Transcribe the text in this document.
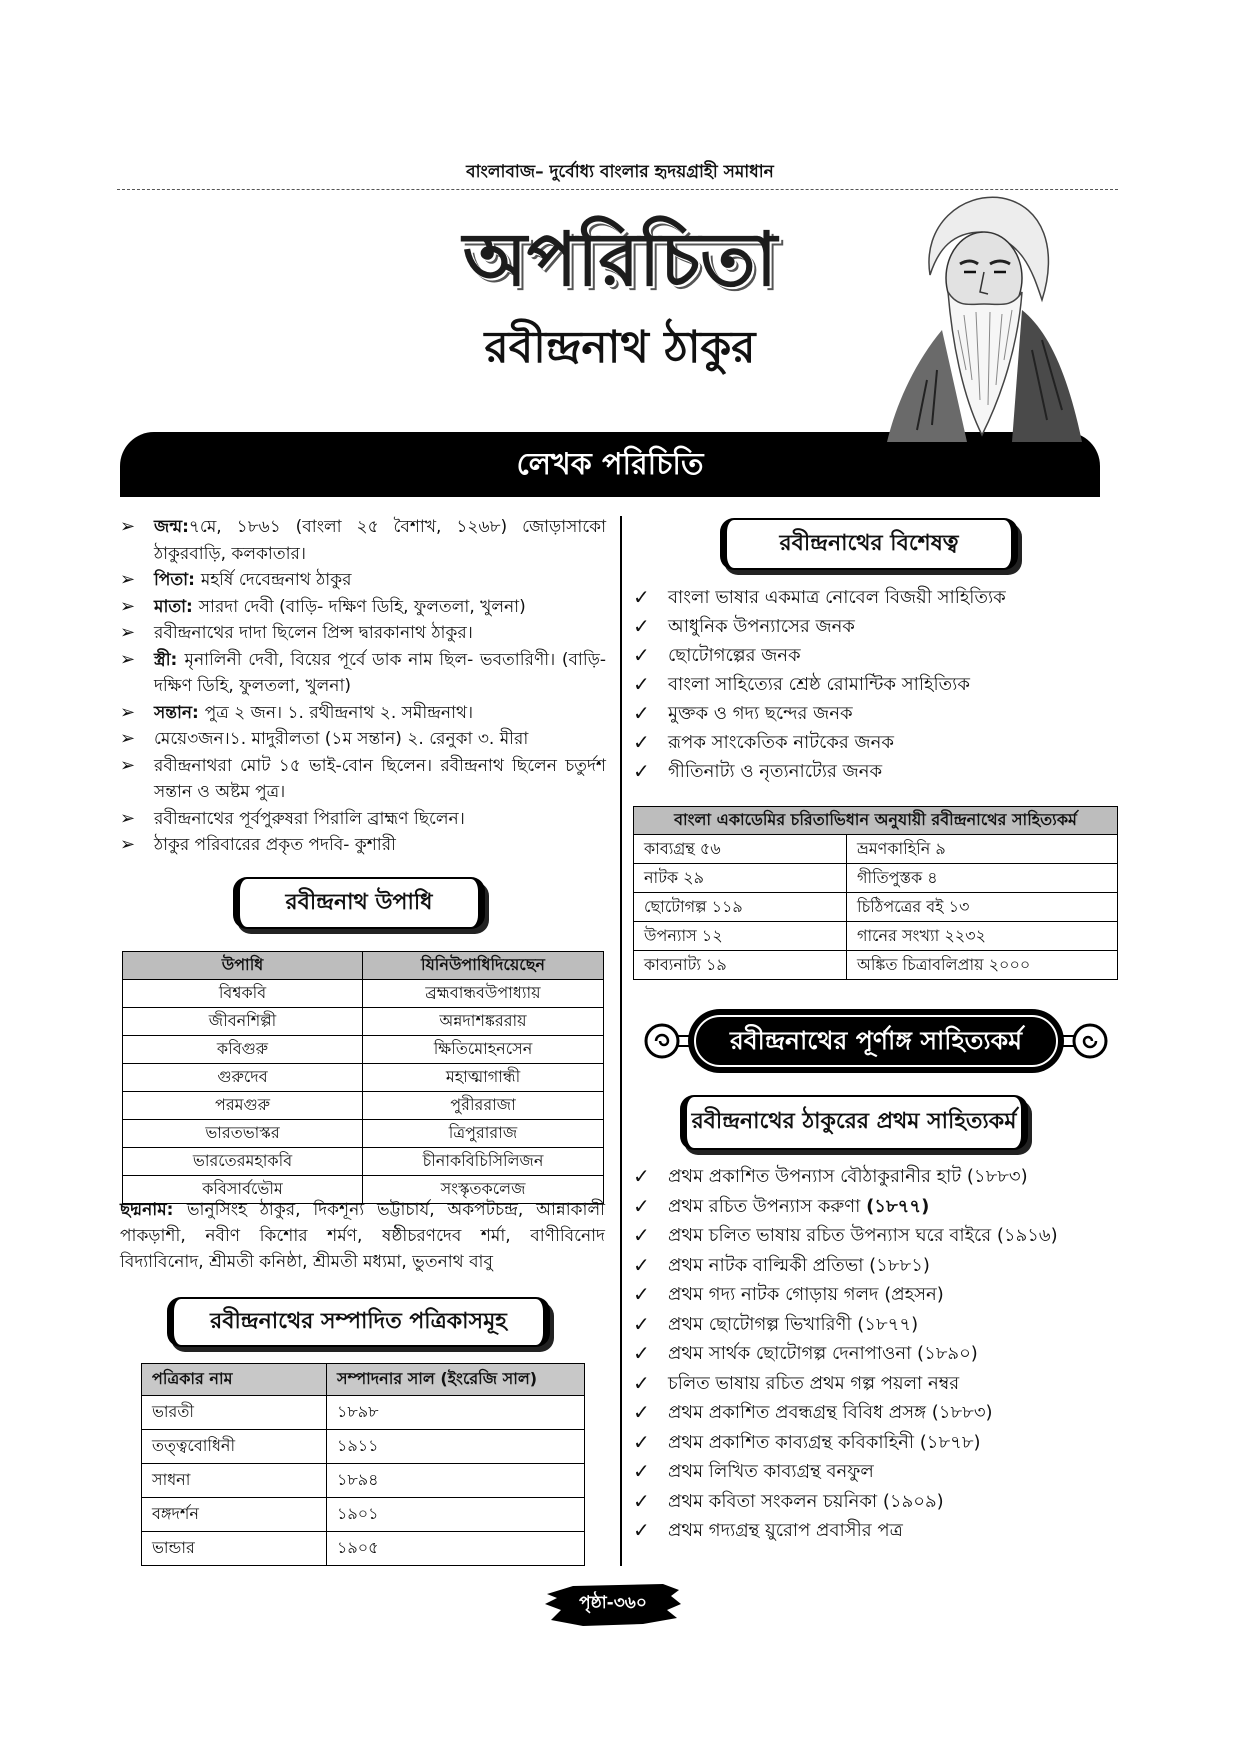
বাংলাবাজ– দুর্বোধ্য বাংলার হৃদয়গ্রাহী সমাধান
অপরিচিতা
রবীন্দ্রনাথ ঠাকুর
লেখক পরিচিতি
➢
জন্ম:৭মে, ১৮৬১ (বাংলা ২৫ বৈশাখ, ১২৬৮) জোড়াসাকো ঠাকুরবাড়ি, কলকাতার।
➢
পিতা: মহর্ষি দেবেন্দ্রনাথ ঠাকুর
➢
মাতা: সারদা দেবী (বাড়ি- দক্ষিণ ডিহি, ফুলতলা, খুলনা)
➢
রবীন্দ্রনাথের দাদা ছিলেন প্রিন্স দ্বারকানাথ ঠাকুর।
➢
স্ত্রী: মৃনালিনী দেবী, বিয়ের পূর্বে ডাক নাম ছিল- ভবতারিণী। (বাড়ি- দক্ষিণ ডিহি, ফুলতলা, খুলনা)
➢
সন্তান: পুত্র ২ জন। ১. রথীন্দ্রনাথ ২. সমীন্দ্রনাথ।
➢
মেয়ে৩জন।১. মাদুরীলতা (১ম সন্তান) ২. রেনুকা ৩. মীরা
➢
রবীন্দ্রনাথরা মোট ১৫ ভাই-বোন ছিলেন। রবীন্দ্রনাথ ছিলেন চতুর্দশ সন্তান ও অষ্টম পুত্র।
➢
রবীন্দ্রনাথের পূর্বপুরুষরা পিরালি ব্রাহ্মণ ছিলেন।
➢
ঠাকুর পরিবারের প্রকৃত পদবি- কুশারী
রবীন্দ্রনাথ উপাধি
উপাধি	যিনিউপাধিদিয়েছেন
বিশ্বকবি	ব্রহ্মবান্ধবউপাধ্যায়
জীবনশিল্পী	অন্নদাশঙ্কররায়
কবিগুরু	ক্ষিতিমোহনসেন
গুরুদেব	মহাত্মাগান্ধী
পরমগুরু	পুরীররাজা
ভারতভাস্কর	ত্রিপুরারাজ
ভারতেরমহাকবি	চীনাকবিচিসিলিজন
কবিসার্বভৌম	সংস্কৃতকলেজ

ছদ্মনাম: ভানুসিংহ ঠাকুর, দিকশূন্য ভট্টাচার্য, অকপটচন্দ্র, আন্নাকালী পাকড়াশী, নবীণ কিশোর শর্মণ, ষষ্ঠীচরণদেব শর্মা, বাণীবিনোদ বিদ্যাবিনোদ, শ্রীমতী কনিষ্ঠা, শ্রীমতী মধ্যমা, ভুতনাথ বাবু

রবীন্দ্রনাথের সম্পাদিত পত্রিকাসমূহ
পত্রিকার নাম	সম্পাদনার সাল (ইংরেজি সাল)
ভারতী	১৮৯৮
তত্ত্ববোধিনী	১৯১১
সাধনা	১৮৯৪
বঙ্গদর্শন	১৯০১
ভান্ডার	১৯০৫
রবীন্দ্রনাথের বিশেষত্ব
✓
বাংলা ভাষার একমাত্র নোবেল বিজয়ী সাহিত্যিক
✓
আধুনিক উপন্যাসের জনক
✓
ছোটোগল্পের জনক
✓
বাংলা সাহিত্যের শ্রেষ্ঠ রোমান্টিক সাহিত্যিক
✓
মুক্তক ও গদ্য ছন্দের জনক
✓
রূপক সাংকেতিক নাটকের জনক
✓
গীতিনাট্য ও নৃত্যনাট্যের জনক
বাংলা একাডেমির চরিতাভিধান অনুযায়ী রবীন্দ্রনাথের সাহিত্যকর্ম	
কাব্যগ্রন্থ ৫৬	ভ্রমণকাহিনি ৯
নাটক ২৯	গীতিপুস্তক ৪
ছোটোগল্প ১১৯	চিঠিপত্রের বই ১৩
উপন্যাস ১২	গানের সংখ্যা ২২৩২
কাব্যনাট্য ১৯	অঙ্কিত চিত্রাবলিপ্রায় ২০০০
রবীন্দ্রনাথের পূর্ণাঙ্গ সাহিত্যকর্ম
রবীন্দ্রনাথের ঠাকুরের প্রথম সাহিত্যকর্ম
✓
প্রথম প্রকাশিত উপন্যাস বৌঠাকুরানীর হাট (১৮৮৩)
✓
প্রথম রচিত উপন্যাস করুণা (১৮৭৭)
✓
প্রথম চলিত ভাষায় রচিত উপন্যাস ঘরে বাইরে (১৯১৬)
✓
প্রথম নাটক বাল্মিকী প্রতিভা (১৮৮১)
✓
প্রথম গদ্য নাটক গোড়ায় গলদ (প্রহসন)
✓
প্রথম ছোটোগল্প ভিখারিণী (১৮৭৭)
✓
প্রথম সার্থক ছোটোগল্প দেনাপাওনা (১৮৯০)
✓
চলিত ভাষায় রচিত প্রথম গল্প পয়লা নম্বর
✓
প্রথম প্রকাশিত প্রবন্ধগ্রন্থ বিবিধ প্রসঙ্গ (১৮৮৩)
✓
প্রথম প্রকাশিত কাব্যগ্রন্থ কবিকাহিনী (১৮৭৮)
✓
প্রথম লিখিত কাব্যগ্রন্থ বনফুল
✓
প্রথম কবিতা সংকলন চয়নিকা (১৯০৯)
✓
প্রথম গদ্যগ্রন্থ য়ুরোপ প্রবাসীর পত্র
পৃষ্ঠা-৩৬০
